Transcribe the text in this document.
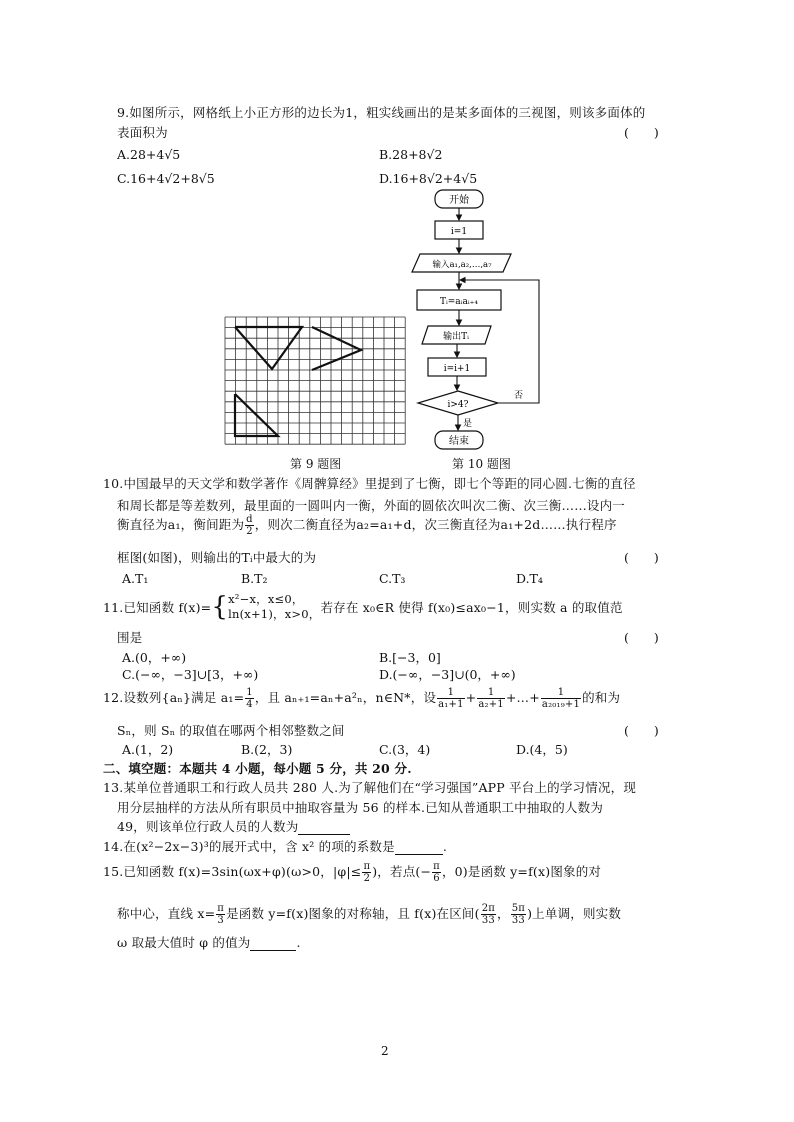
9.如图所示，网格纸上小正方形的边长为1，粗实线画出的是某多面体的三视图，则该多面体的
表面积为	(　　)
A.28+4√5	B.28+8√2
C.16+4√2+8√5	D.16+8√2+4√5
第 9 题图
开始
i=1
输入a₁,a₂,…,a₇
Tᵢ=aᵢaᵢ₊₄
输出Tᵢ
i=i+1
i>4?
否
是
结束
第 10 题图
10.中国最早的天文学和数学著作《周髀算经》里提到了七衡，即七个等距的同心圆.七衡的直径
和周长都是等差数列，最里面的一圆叫内一衡，外面的圆依次叫次二衡、次三衡……设内一
衡直径为a₁，衡间距为 $\frac{d}{2}$ ，则次二衡直径为a₂=a₁+d，次三衡直径为a₁+2d……执行程序
框图(如图)，则输出的Tᵢ中最大的为	(　　)
A.T₁	B.T₂	C.T₃	D.T₄
11.已知函数 f(x)={ x²−x，x≤0，
ln(x+1)，x>0， 若存在 x₀∈R 使得 f(x₀)≤ax₀−1，则实数 a 的取值范
围是	(　　)
A.(0，+∞)	B.[−3，0]
C.(−∞，−3]∪[3，+∞)	D.(−∞，−3]∪(0，+∞)
12.设数列{aₙ}满足 $a_1= \frac{1}{4}$ ，且 aₙ₊₁=aₙ+a²ₙ，n∈N*，设 $\frac{1}{\text{a₁+1}} + \frac{1}{\text{a₂+1}}$ +…+ $\frac{1}{\text{a₂₀₁₉+1}}$ 的和为
Sₙ，则 Sₙ 的取值在哪两个相邻整数之间	(　　)
A.(1，2)	B.(2，3)	C.(3，4)	D.(4，5)
二、填空题：本题共 4 小题，每小题 5 分，共 20 分.
13.某单位普通职工和行政人员共 280 人.为了解他们在“学习强国”APP 平台上的学习情况，现
用分层抽样的方法从所有职员中抽取容量为 56 的样本.已知从普通职工中抽取的人数为
49，则该单位行政人员的人数为
14.在(x²−2x−3)³的展开式中，含 x² 的项的系数是	.
15.已知函数 f(x)=3sin(ωx+φ)(ω>0，$|\varphi|\le \frac{\pi}{2}$ )，若点(− $\frac{\pi}{6}$ ，0)是函数 y=f(x)图象的对
称中心，直线 $x= \frac{\pi}{3}$ 是函数 y=f(x)图象的对称轴，且 f(x)在区间( $\frac{2\pi}{33}$ ， $\frac{5\pi}{33}$ )上单调，则实数
ω 取最大值时 φ 的值为	.
2
